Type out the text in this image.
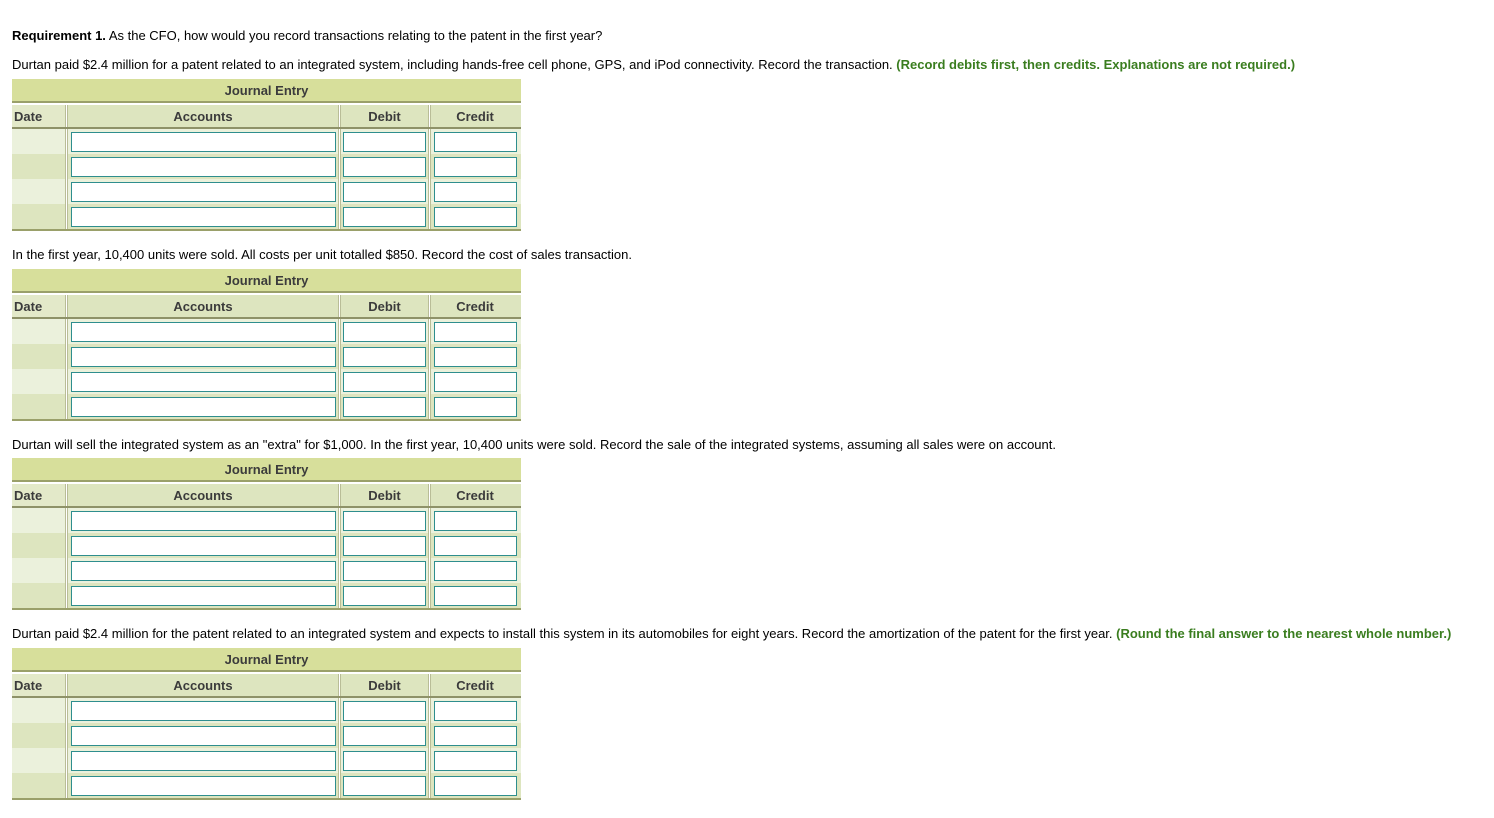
Requirement 1. As the CFO, how would you record transactions relating to the patent in the first year?
Durtan paid $2.4 million for a patent related to an integrated system, including hands-free cell phone, GPS, and iPod connectivity. Record the transaction. (Record debits first, then credits. Explanations are not required.)
Journal Entry
Date	Accounts	Debit	Credit
In the first year, 10,400 units were sold. All costs per unit totalled $850. Record the cost of sales transaction.
Journal Entry
Date	Accounts	Debit	Credit
Durtan will sell the integrated system as an "extra" for $1,000. In the first year, 10,400 units were sold. Record the sale of the integrated systems, assuming all sales were on account.
Journal Entry
Date	Accounts	Debit	Credit
Durtan paid $2.4 million for the patent related to an integrated system and expects to install this system in its automobiles for eight years. Record the amortization of the patent for the first year. (Round the final answer to the nearest whole number.)
Journal Entry
Date	Accounts	Debit	Credit
